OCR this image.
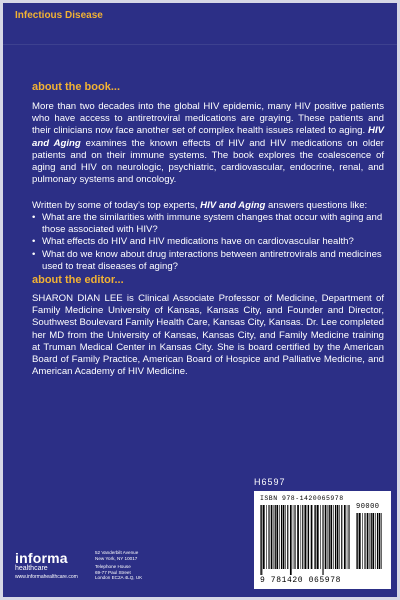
Infectious Disease
about the book...
More than two decades into the global HIV epidemic, many HIV positive patients who have access to antiretroviral medications are graying. These patients and their clinicians now face another set of complex health issues related to aging. HIV and Aging examines the known effects of HIV and HIV medications on older patients and on their immune systems. The book explores the coalescence of aging and HIV on neurologic, psychiatric, cardiovascular, endocrine, renal, and pulmonary systems and oncology.
Written by some of today’s top experts, HIV and Aging answers questions like:
• What are the similarities with immune system changes that occur with aging and those associated with HIV?
• What effects do HIV and HIV medications have on cardiovascular health?
• What do we know about drug interactions between antiretrovirals and medicines used to treat diseases of aging?
about the editor...
SHARON DIAN LEE is Clinical Associate Professor of Medicine, Department of Family Medicine University of Kansas, Kansas City, and Founder and Director, Southwest Boulevard Family Health Care, Kansas City, Kansas. Dr. Lee completed her MD from the University of Kansas, Kansas City, and Family Medicine training at Truman Medical Center in Kansas City. She is board certified by the American Board of Family Practice, American Board of Hospice and Palliative Medicine, and American Academy of HIV Medicine.
H6597
ISBN 978-1420065978
90000
9 781420 065978
informa
healthcare
www.informahealthcare.com
52 Vanderbilt Avenue
New York, NY 10017
Telephone House
69-77 Paul Street
London EC2A 4LQ, UK
